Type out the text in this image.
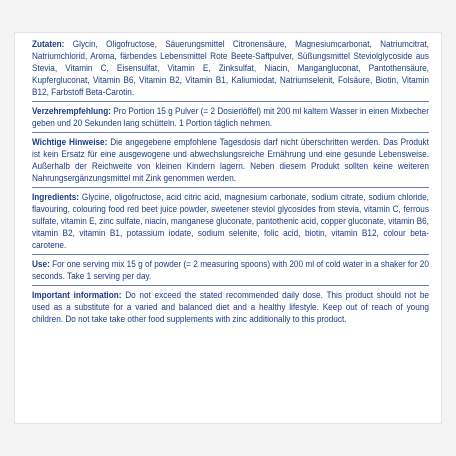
Zutaten: Glycin, Oligofructose, Säuerungsmittel Citronensäure, Magnesiumcarbonat, Natriumcitrat, Natriumchlorid, Aroma, färbendes Lebensmittel Rote Beete-Saftpulver, Süßungsmittel Steviolglycoside aus Stevia, Vitamin C, Eisensulfat, Vitamin E, Zinksulfat, Niacin, Mangangluconat, Pantothensäure, Kupfergluconat, Vitamin B6, Vitamin B2, Vitamin B1, Kaliumiodat, Natriumselenit, Folsäure, Biotin, Vitamin B12, Farbstoff Beta-Carotin.

Verzehrempfehlung: Pro Portion 15 g Pulver (= 2 Dosierlöffel) mit 200 ml kaltem Wasser in einen Mixbecher geben und 20 Sekunden lang schütteln. 1 Portion täglich nehmen.

Wichtige Hinweise: Die angegebene empfohlene Tagesdosis darf nicht überschritten werden. Das Produkt ist kein Ersatz für eine ausgewogene und abwechslungsreiche Ernährung und eine gesunde Lebensweise. Außerhalb der Reichweite von kleinen Kindern lagern. Neben diesem Produkt sollten keine weiteren Nahrungsergänzungsmittel mit Zink genommen werden.

Ingredients: Glycine, oligofructose, acid citric acid, magnesium carbonate, sodium citrate, sodium chloride, flavouring, colouring food red beet juice powder, sweetener steviol glycosides from stevia, vitamin C, ferrous sulfate, vitamin E, zinc sulfate, niacin, manganese gluconate, pantothenic acid, copper gluconate, vitamin B6, vitamin B2, vitamin B1, potassium iodate, sodium selenite, folic acid, biotin, vitamin B12, colour beta-carotene.

Use: For one serving mix 15 g of powder (= 2 measuring spoons) with 200 ml of cold water in a shaker for 20 seconds. Take 1 serving per day.

Important information: Do not exceed the stated recommended daily dose. This product should not be used as a substitute for a varied and balanced diet and a healthy lifestyle. Keep out of reach of young children. Do not take take other food supplements with zinc additionally to this product.
